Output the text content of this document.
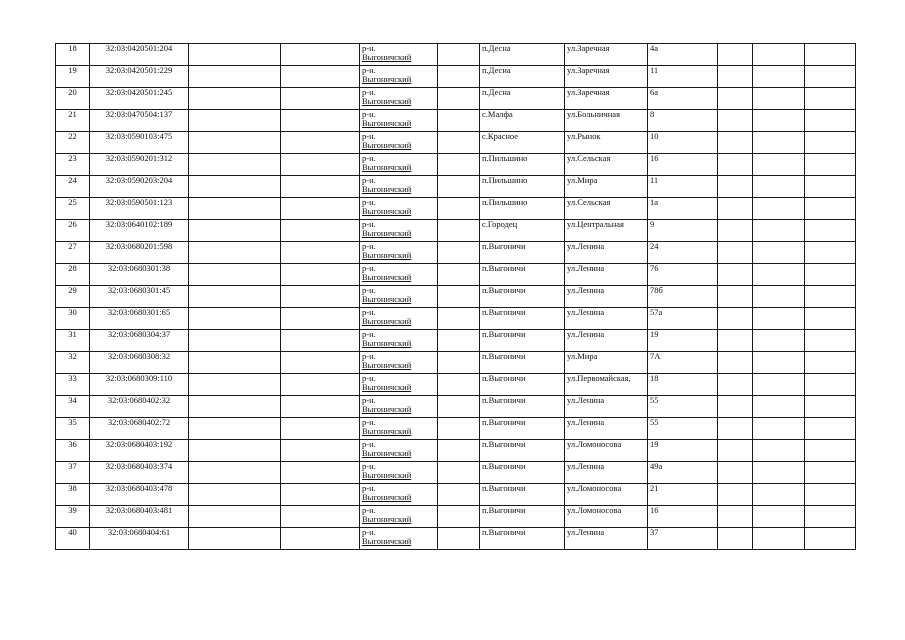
18	32:03:0420501:204			р-н.
Выгоничский		п.Десна	ул.Заречная	4а			
19	32:03:0420501:229			р-н.
Выгоничский		п.Десна	ул.Заречная	11			
20	32:03:0420501:245			р-н.
Выгоничский		п.Десна	ул.Заречная	6а			
21	32:03:0470504:137			р-н.
Выгоничский		с.Малфа	ул.Больничная	8			
22	32:03:0590103:475			р-н.
Выгоничский		с.Красное	ул.Рынок	10			
23	32:03:0590201:312			р-н.
Выгоничский		п.Пильшино	ул.Сельская	16			
24	32:03:0590203:204			р-н.
Выгоничский		п.Пильшино	ул.Мира	11			
25	32:03:0590501:123			р-н.
Выгоничский		п.Пильшино	ул.Сельская	1а			
26	32:03:0640102:189			р-н.
Выгоничский		с.Городец	ул.Центральная	9			
27	32:03:0680201:598			р-н.
Выгоничский		п.Выгоничи	ул.Ленина	24			
28	32:03:0680301:38			р-н.
Выгоничский		п.Выгоничи	ул.Ленина	76			
29	32:03:0680301:45			р-н.
Выгоничский		п.Выгоничи	ул.Ленина	78б			
30	32:03:0680301:65			р-н.
Выгоничский		п.Выгоничи	ул.Ленина	57а			
31	32:03:0680304:37			р-н.
Выгоничский		п.Выгоничи	ул.Ленина	19			
32	32:03:0680308:32			р-н.
Выгоничский		п.Выгоничи	ул.Мира	7А			
33	32:03:0680309:110			р-н.
Выгоничский		п.Выгоничи	ул.Первомайская,	18			
34	32:03:0680402:32			р-н.
Выгоничский		п.Выгоничи	ул.Ленина	55			
35	32:03:0680402:72			р-н.
Выгоничский		п.Выгоничи	ул.Ленина	55			
36	32:03:0680403:192			р-н.
Выгоничский		п.Выгоничи	ул.Ломоносова	19			
37	32:03:0680403:374			р-н.
Выгоничский		п.Выгоничи	ул.Ленина	49а			
38	32:03:0680403:478			р-н.
Выгоничский		п.Выгоничи	ул.Ломоносова	21			
39	32:03:0680403:481			р-н.
Выгоничский		п.Выгоничи	ул.Ломоносова	16			
40	32:03:0680404:61			р-н.
Выгоничский		п.Выгоничи	ул.Ленина	37			
